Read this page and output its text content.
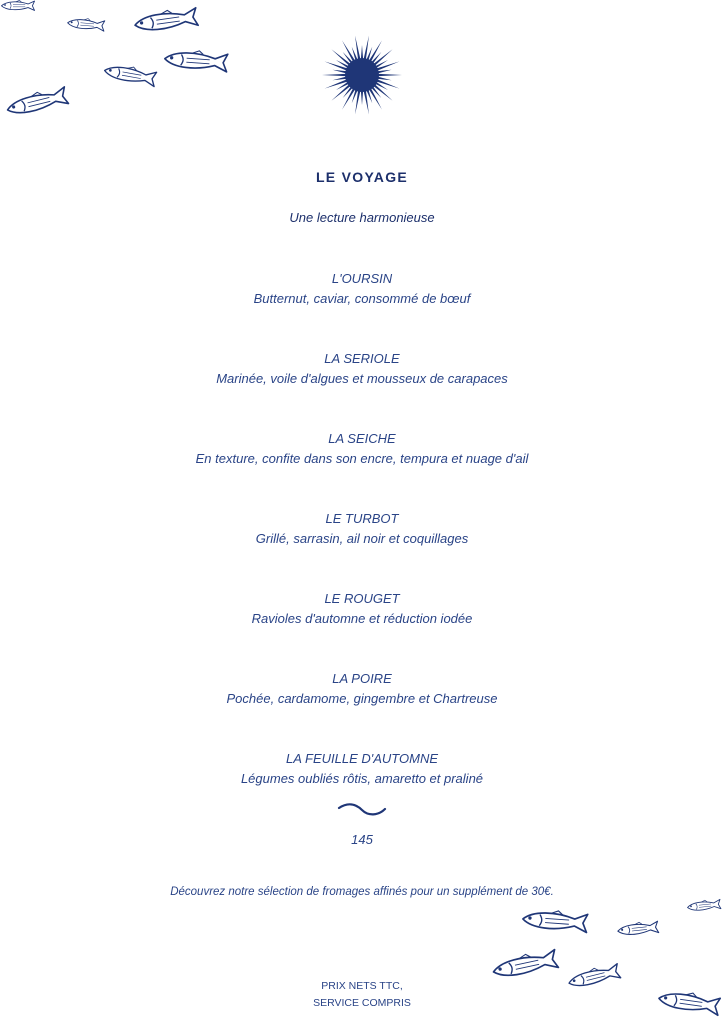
LE VOYAGE
Une lecture harmonieuse
L'OURSIN
Butternut, caviar, consommé de bœuf
LA SERIOLE
Marinée, voile d'algues et mousseux de carapaces
LA SEICHE
En texture, confite dans son encre, tempura et nuage d'ail
LE TURBOT
Grillé, sarrasin, ail noir et coquillages
LE ROUGET
Ravioles d'automne et réduction iodée
LA POIRE
Pochée, cardamome, gingembre et Chartreuse
LA FEUILLE D'AUTOMNE
Légumes oubliés rôtis, amaretto et praliné
145
Découvrez notre sélection de fromages affinés pour un supplément de 30€.
PRIX NETS TTC,
SERVICE COMPRIS
